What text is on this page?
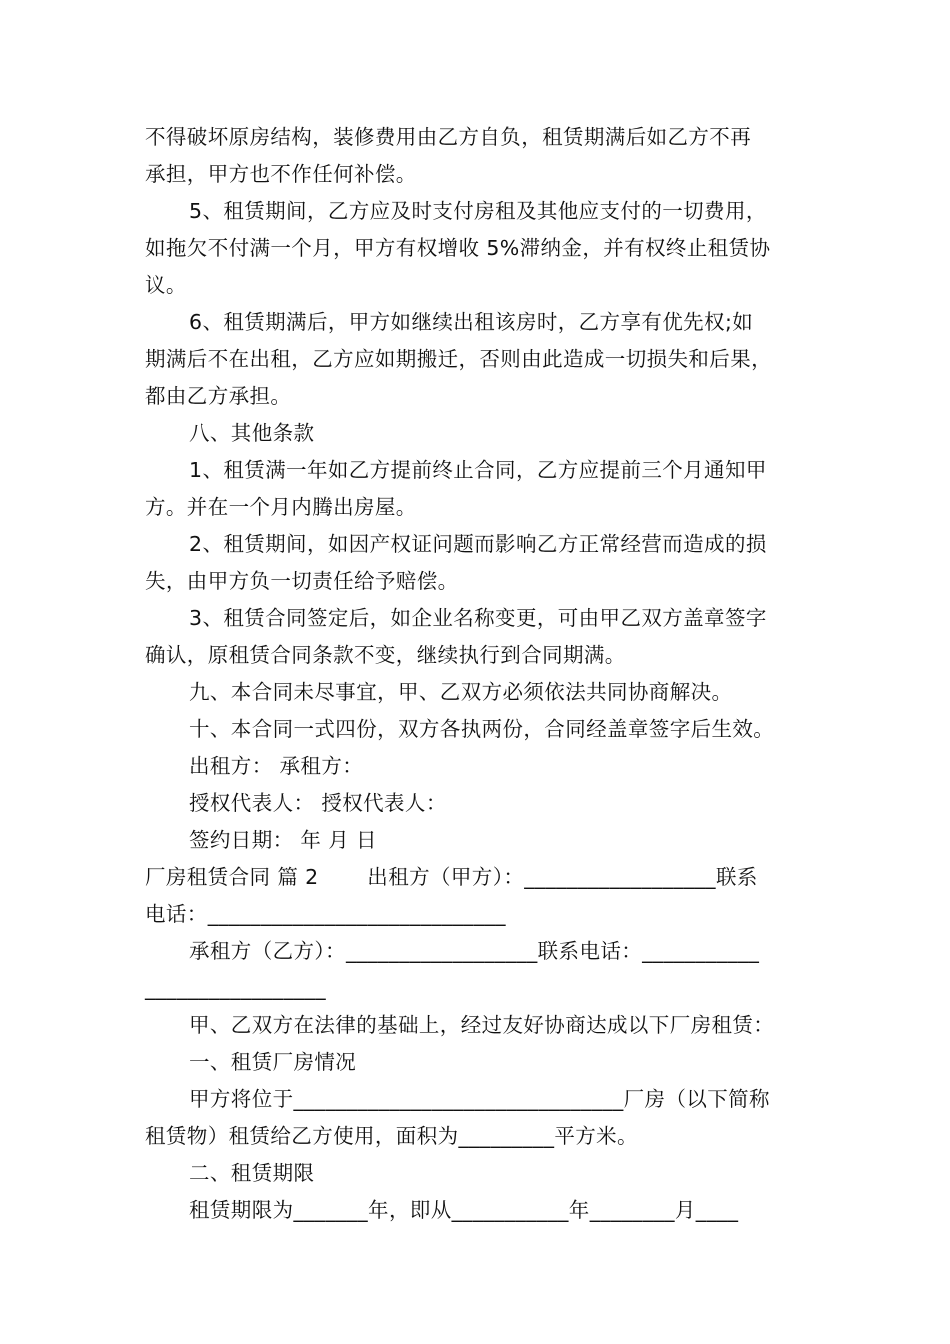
不得破坏原房结构，装修费用由乙方自负，租赁期满后如乙方不再
承担，甲方也不作任何补偿。
5、租赁期间，乙方应及时支付房租及其他应支付的一切费用，
如拖欠不付满一个月，甲方有权增收 5%滞纳金，并有权终止租赁协
议。
6、租赁期满后，甲方如继续出租该房时，乙方享有优先权;如
期满后不在出租，乙方应如期搬迁，否则由此造成一切损失和后果，
都由乙方承担。
八、其他条款
1、租赁满一年如乙方提前终止合同，乙方应提前三个月通知甲
方。并在一个月内腾出房屋。
2、租赁期间，如因产权证问题而影响乙方正常经营而造成的损
失，由甲方负一切责任给予赔偿。
3、租赁合同签定后，如企业名称变更，可由甲乙双方盖章签字
确认，原租赁合同条款不变，继续执行到合同期满。
九、本合同未尽事宜，甲、乙双方必须依法共同协商解决。
十、本合同一式四份，双方各执两份，合同经盖章签字后生效。
出租方： 承租方：
授权代表人： 授权代表人：
签约日期： 年 月 日
厂房租赁合同 篇 2　　 出租方（甲方）：__________________联系
电话：____________________________
承租方（乙方）：__________________联系电话：___________
_________________
甲、乙双方在法律的基础上，经过友好协商达成以下厂房租赁：
一、租赁厂房情况
甲方将位于_______________________________厂房（以下简称
租赁物）租赁给乙方使用，面积为_________平方米。
二、租赁期限
租赁期限为_______年，即从___________年________月____
